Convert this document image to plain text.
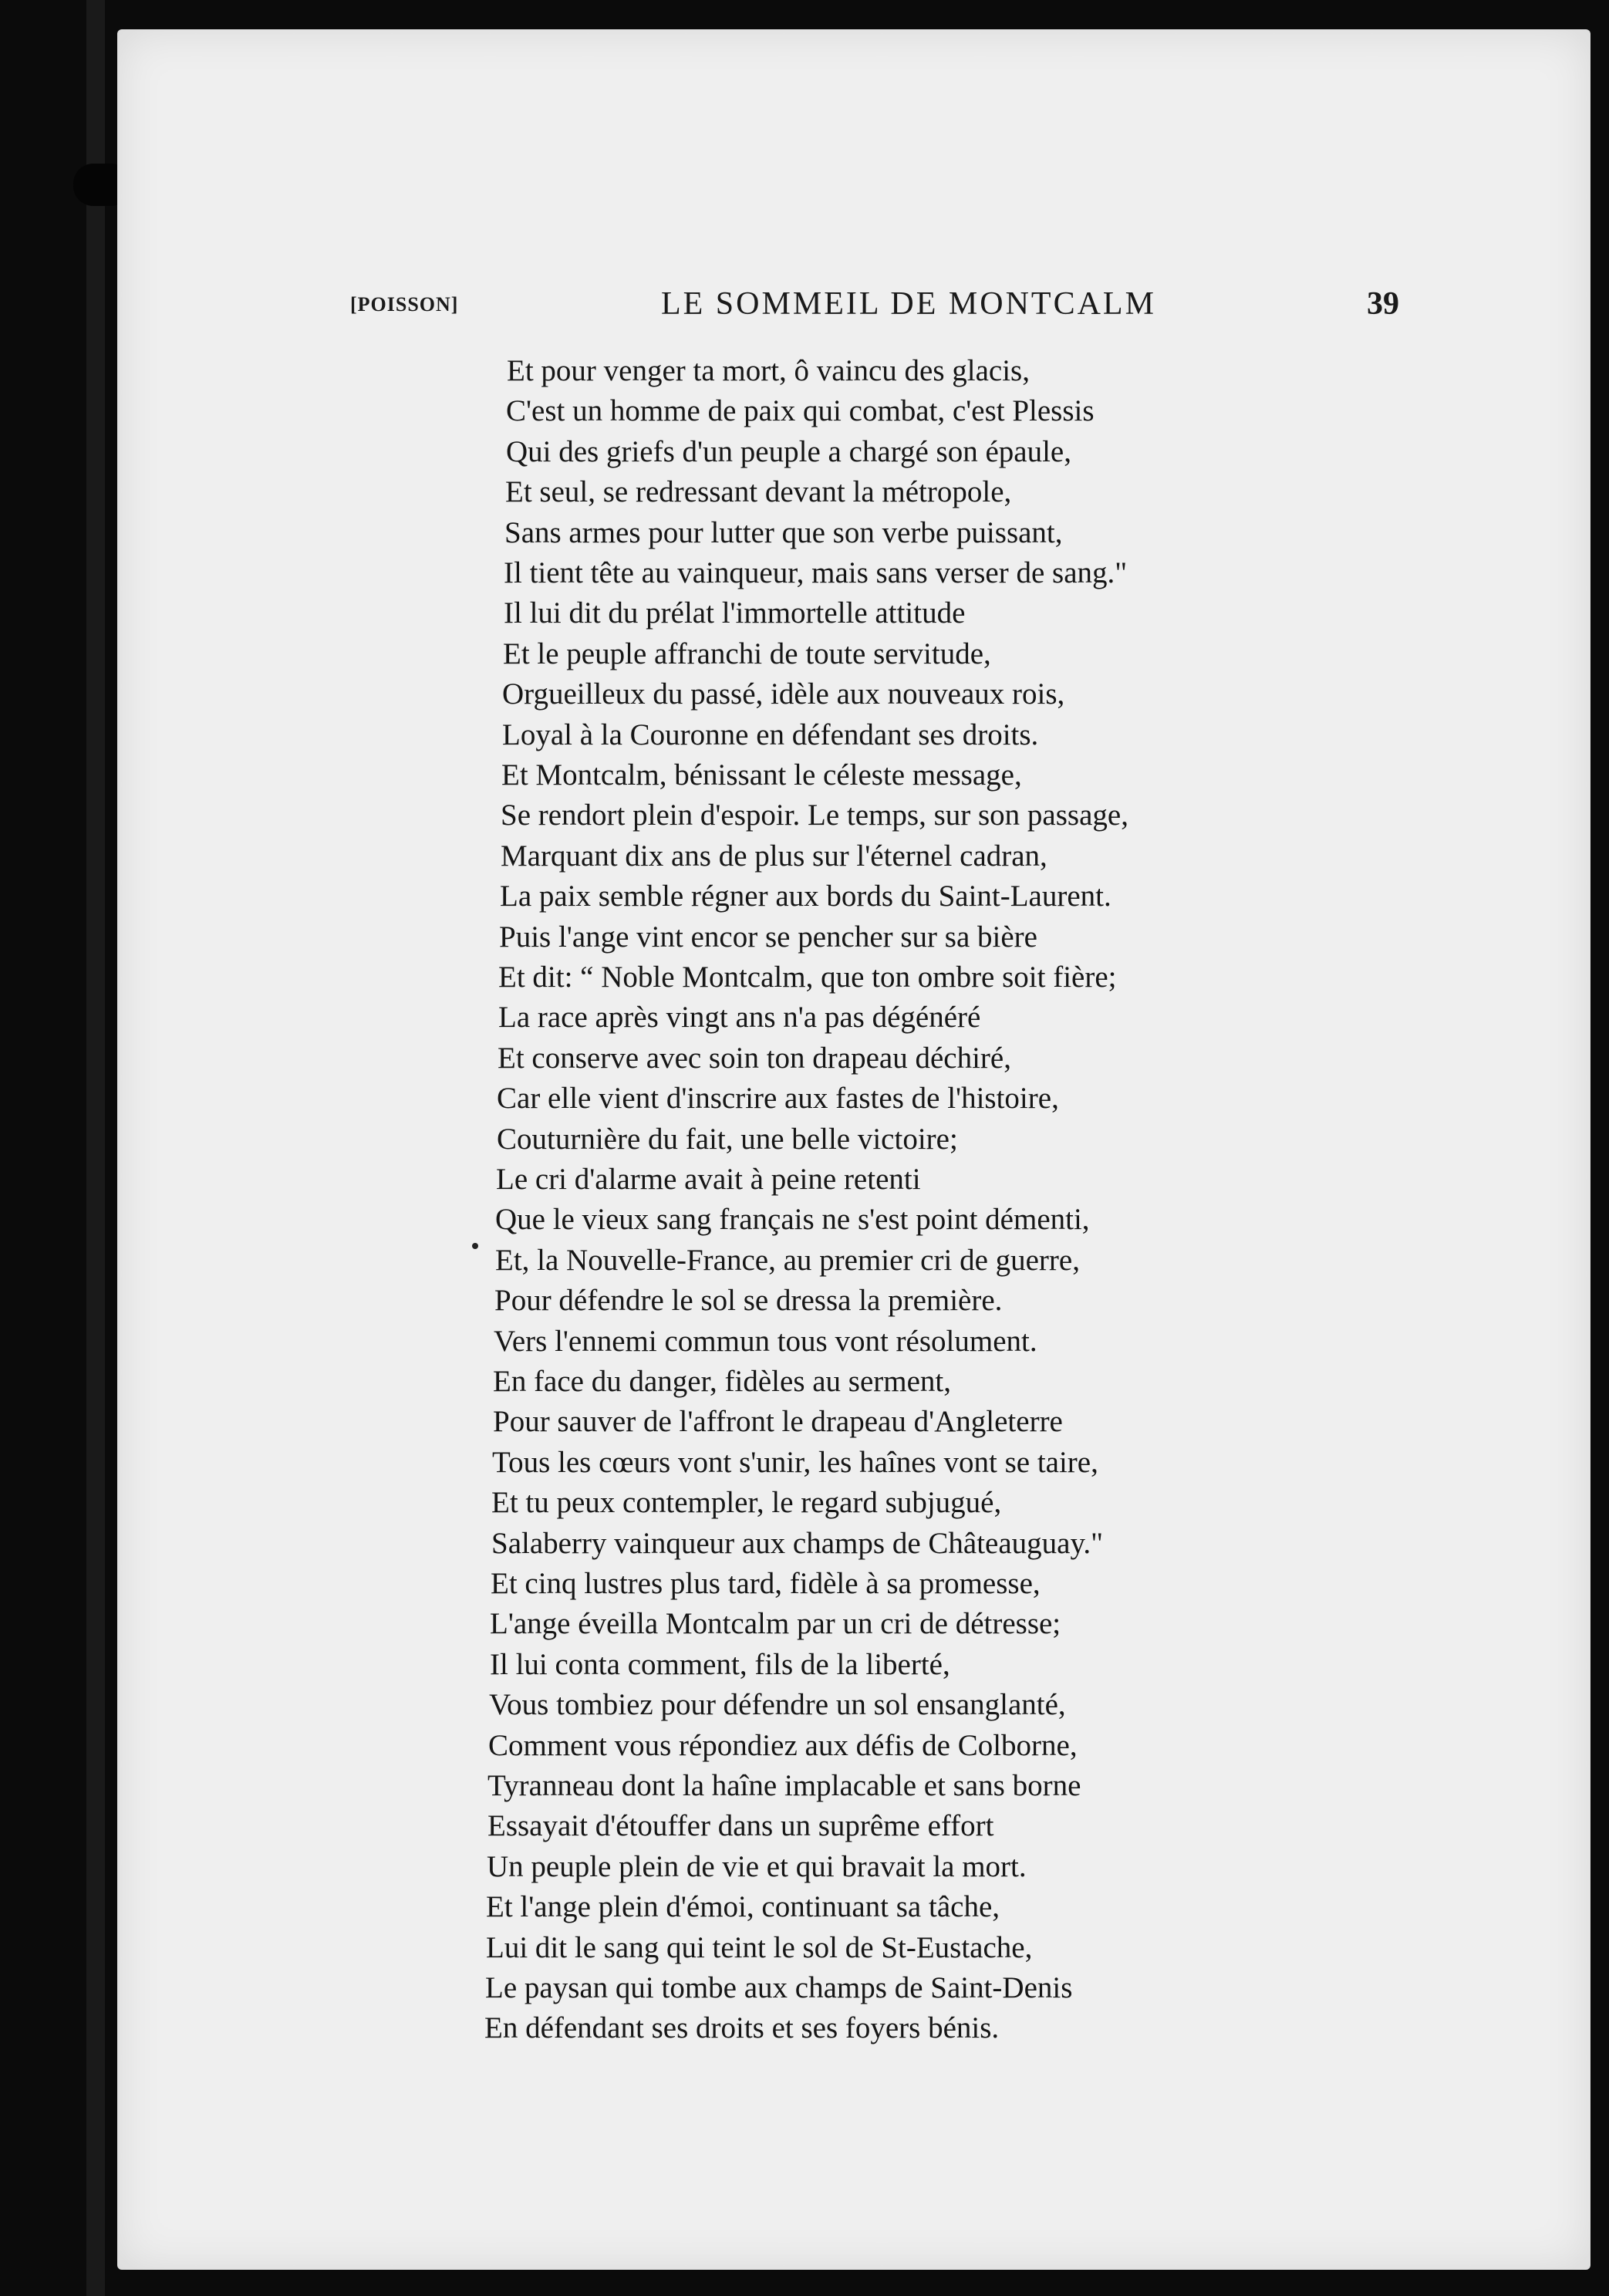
[POISSON]	LE SOMMEIL DE MONTCALM	39
Et pour venger ta mort, ô vaincu des glacis,
C'est un homme de paix qui combat, c'est Plessis
Qui des griefs d'un peuple a chargé son épaule,
Et seul, se redressant devant la métropole,
Sans armes pour lutter que son verbe puissant,
Il tient tête au vainqueur, mais sans verser de sang."
Il lui dit du prélat l'immortelle attitude
Et le peuple affranchi de toute servitude,
Orgueilleux du passé, idèle aux nouveaux rois,
Loyal à la Couronne en défendant ses droits.
Et Montcalm, bénissant le céleste message,
Se rendort plein d'espoir. Le temps, sur son passage,
Marquant dix ans de plus sur l'éternel cadran,
La paix semble régner aux bords du Saint-Laurent.
Puis l'ange vint encor se pencher sur sa bière
Et dit: “ Noble Montcalm, que ton ombre soit fière;
La race après vingt ans n'a pas dégénéré
Et conserve avec soin ton drapeau déchiré,
Car elle vient d'inscrire aux fastes de l'histoire,
Couturnière du fait, une belle victoire;
Le cri d'alarme avait à peine retenti
Que le vieux sang français ne s'est point démenti,
Et, la Nouvelle-France, au premier cri de guerre,
Pour défendre le sol se dressa la première.
Vers l'ennemi commun tous vont résolument.
En face du danger, fidèles au serment,
Pour sauver de l'affront le drapeau d'Angleterre
Tous les cœurs vont s'unir, les haînes vont se taire,
Et tu peux contempler, le regard subjugué,
Salaberry vainqueur aux champs de Châteauguay."
Et cinq lustres plus tard, fidèle à sa promesse,
L'ange éveilla Montcalm par un cri de détresse;
Il lui conta comment, fils de la liberté,
Vous tombiez pour défendre un sol ensanglanté,
Comment vous répondiez aux défis de Colborne,
Tyranneau dont la haîne implacable et sans borne
Essayait d'étouffer dans un suprême effort
Un peuple plein de vie et qui bravait la mort.
Et l'ange plein d'émoi, continuant sa tâche,
Lui dit le sang qui teint le sol de St-Eustache,
Le paysan qui tombe aux champs de Saint-Denis
En défendant ses droits et ses foyers bénis.
